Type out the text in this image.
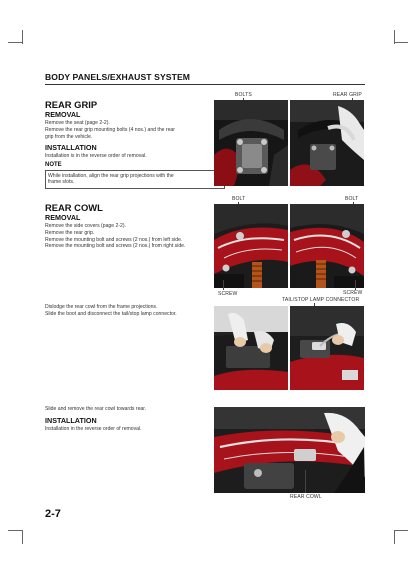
BODY PANELS/EXHAUST SYSTEM
REAR GRIP
REMOVAL
Remove the seat (page 2-2).
Remove the rear grip mounting bolts (4 nos.) and the rear
grip from the vehicle.
INSTALLATION
Installation is in the reverse order of removal.
NOTE
While installation, align the rear grip projections with the
frame slots.
BOLTS	REAR GRIP
REAR COWL
REMOVAL
Remove the side covers (page 2-2).
Remove the rear grip.
Remove the mounting bolt and screws (2 nos.) from left side.
Remove the mounting bolt and screws (2 nos.) from right side.
BOLT	BOLT
SCREW	SCREW
TAIL/STOP LAMP CONNECTOR
Dislodge the rear cowl from the frame projections.
Slide the boot and disconnect the tail/stop lamp connector.
Slide and remove the rear cowl towards rear.
INSTALLATION
Installation in the reverse order of removal.
REAR COWL
2-7
